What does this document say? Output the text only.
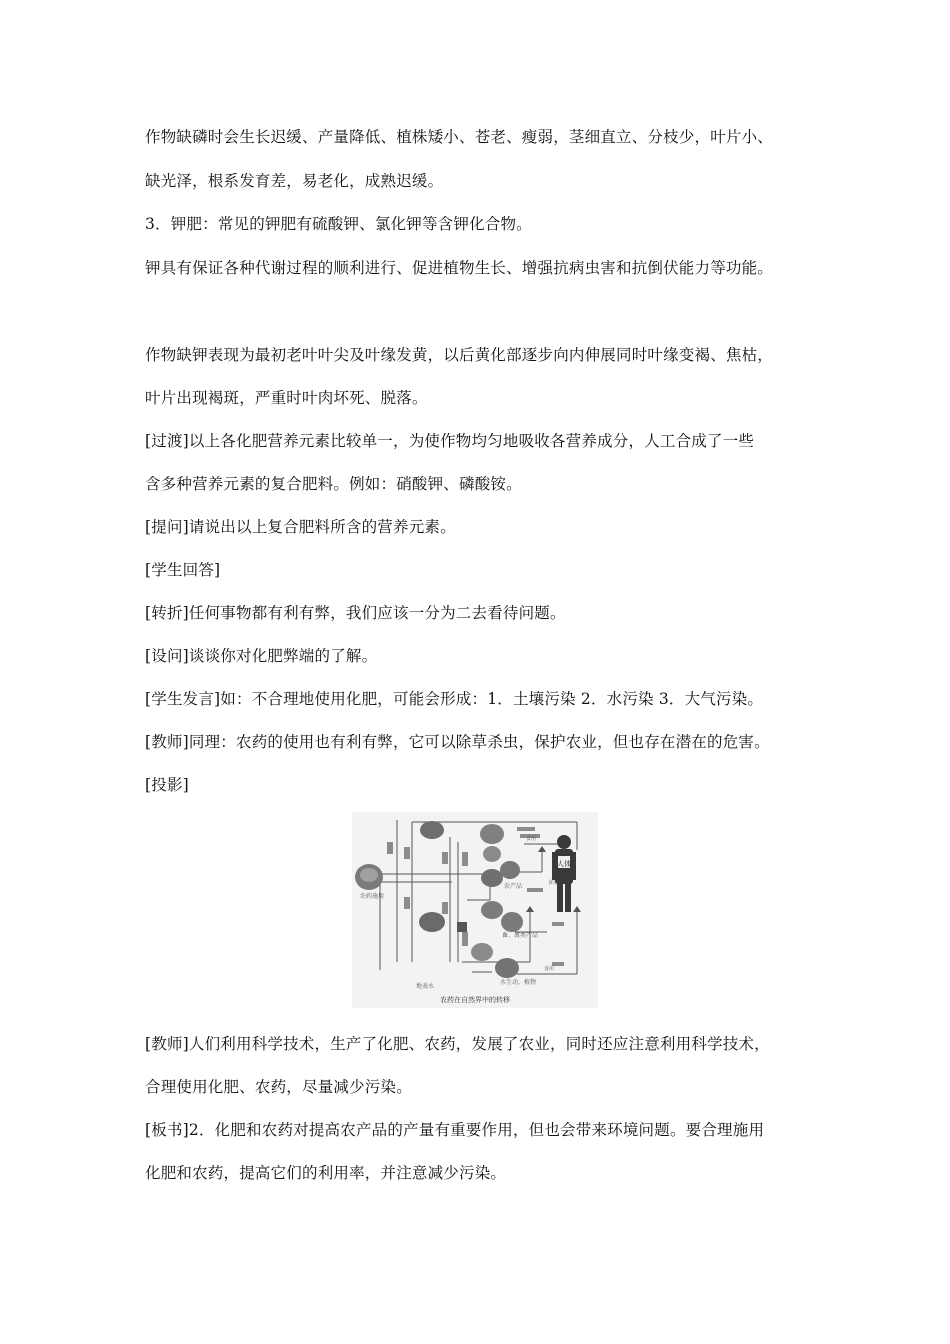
作物缺磷时会生长迟缓、产量降低、植株矮小、苍老、瘦弱，茎细直立、分枝少，叶片小、
缺光泽，根系发育差，易老化，成熟迟缓。
3．钾肥：常见的钾肥有硫酸钾、氯化钾等含钾化合物。
钾具有保证各种代谢过程的顺利进行、促进植物生长、增强抗病虫害和抗倒伏能力等功能。
作物缺钾表现为最初老叶叶尖及叶缘发黄，以后黄化部逐步向内伸展同时叶缘变褐、焦枯，
叶片出现褐斑，严重时叶肉坏死、脱落。
[过渡]以上各化肥营养元素比较单一，为使作物均匀地吸收各营养成分，人工合成了一些
含多种营养元素的复合肥料。例如：硝酸钾、磷酸铵。
[提问]请说出以上复合肥料所含的营养元素。
[学生回答]
[转折]任何事物都有利有弊，我们应该一分为二去看待问题。
[设问]谈谈你对化肥弊端的了解。
[学生发言]如：不合理地使用化肥，可能会形成：1．土壤污染 2．水污染 3．大气污染。
[教师]同理：农药的使用也有利有弊，它可以除草杀虫，保护农业，但也存在潜在的危害。
[投影]
人体
农药施用
农产品
畜、禽类产品
地表水
水生动、植物
食用
食用
食用
农药在自然界中的转移
[教师]人们利用科学技术，生产了化肥、农药，发展了农业，同时还应注意利用科学技术，
合理使用化肥、农药，尽量减少污染。
[板书]2．化肥和农药对提高农产品的产量有重要作用，但也会带来环境问题。要合理施用
化肥和农药，提高它们的利用率，并注意减少污染。
